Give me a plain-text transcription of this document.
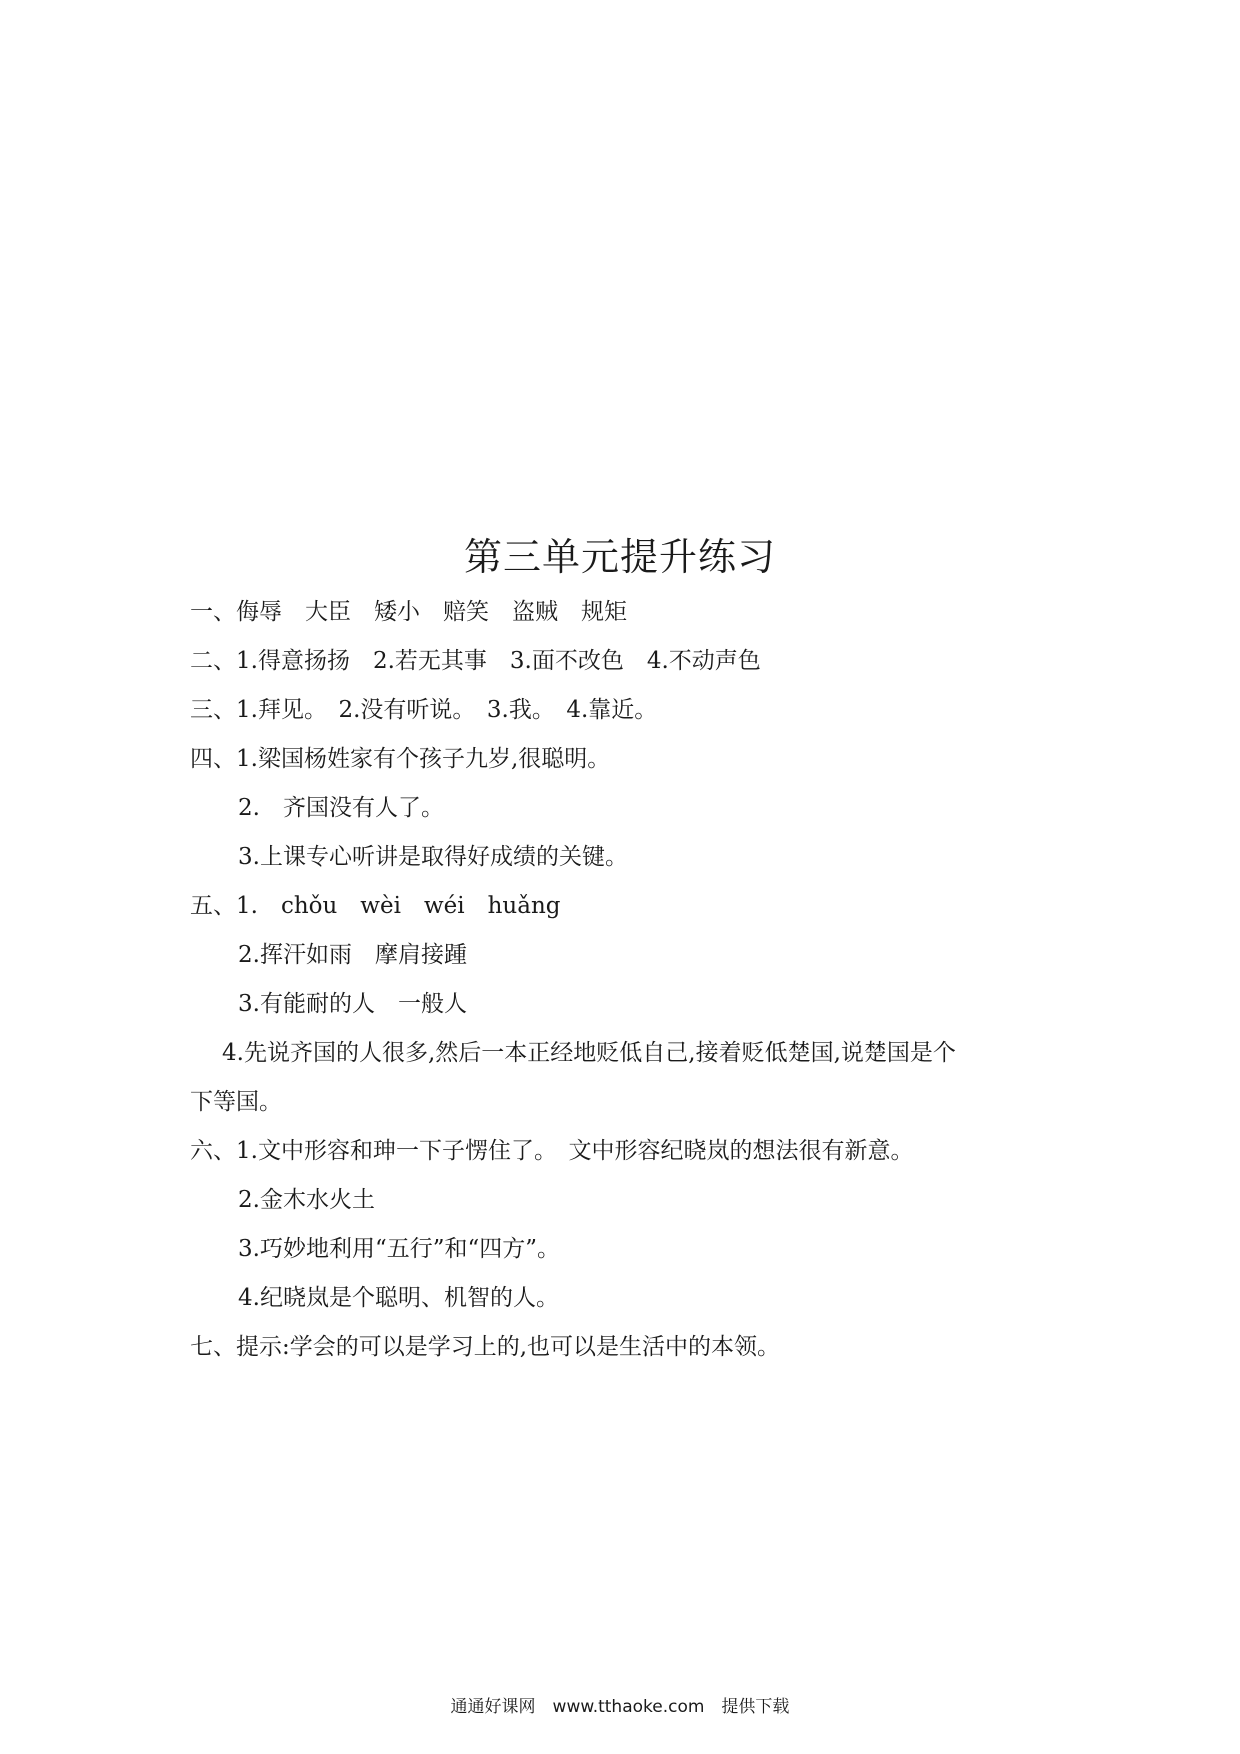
第三单元提升练习
一、侮辱　大臣　矮小　赔笑　盗贼　规矩
二、1.得意扬扬　2.若无其事　3.面不改色　4.不动声色
三、1.拜见。　2.没有听说。　3.我。　4.靠近。
四、1.梁国杨姓家有个孩子九岁,很聪明。
2.　齐国没有人了。
3.上课专心听讲是取得好成绩的关键。
五、1.　chǒu　wèi　wéi　huǎng
2.挥汗如雨　摩肩接踵
3.有能耐的人　一般人
4.先说齐国的人很多,然后一本正经地贬低自己,接着贬低楚国,说楚国是个
下等国。
六、1.文中形容和珅一下子愣住了。　文中形容纪晓岚的想法很有新意。
2.金木水火土
3.巧妙地利用“五行”和“四方”。
4.纪晓岚是个聪明、机智的人。
七、提示:学会的可以是学习上的,也可以是生活中的本领。
通通好课网　www.tthaoke.com　提供下载
